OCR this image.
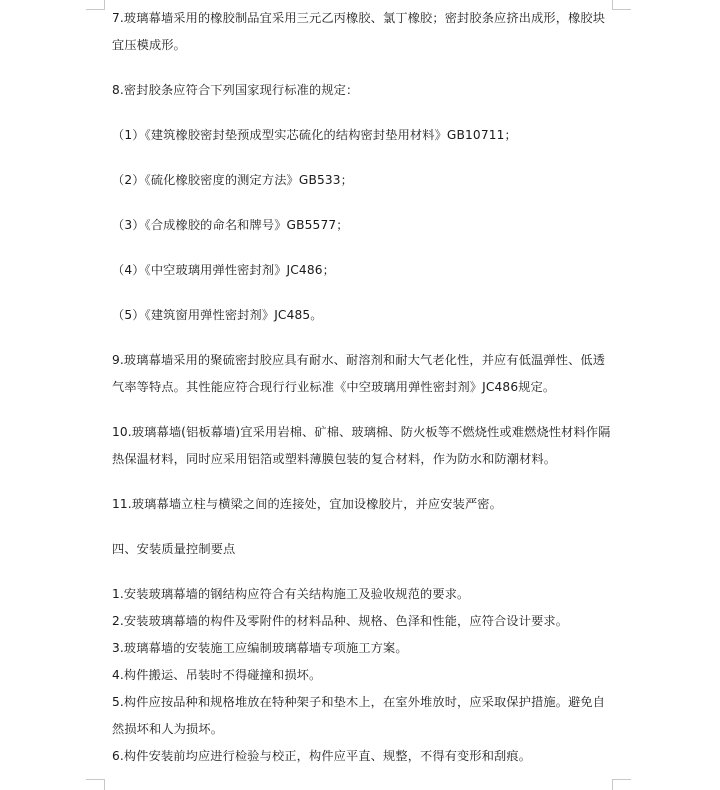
7.玻璃幕墙采用的橡胶制品宜采用三元乙丙橡胶、氯丁橡胶；密封胶条应挤出成形，橡胶块宜压模成形。

8.密封胶条应符合下列国家现行标准的规定：

（1）《建筑橡胶密封垫预成型实芯硫化的结构密封垫用材料》GB10711；

（2）《硫化橡胶密度的测定方法》GB533；

（3）《合成橡胶的命名和牌号》GB5577；

（4）《中空玻璃用弹性密封剂》JC486；

（5）《建筑窗用弹性密封剂》JC485。

9.玻璃幕墙采用的聚硫密封胶应具有耐水、耐溶剂和耐大气老化性，并应有低温弹性、低透气率等特点。其性能应符合现行行业标准《中空玻璃用弹性密封剂》JC486规定。

10.玻璃幕墙(铝板幕墙)宜采用岩棉、矿棉、玻璃棉、防火板等不燃烧性或难燃烧性材料作隔热保温材料，同时应采用铝箔或塑料薄膜包装的复合材料，作为防水和防潮材料。

11.玻璃幕墙立柱与横梁之间的连接处，宜加设橡胶片，并应安装严密。

四、安装质量控制要点

1.安装玻璃幕墙的钢结构应符合有关结构施工及验收规范的要求。

2.安装玻璃幕墙的构件及零附件的材料品种、规格、色泽和性能，应符合设计要求。

3.玻璃幕墙的安装施工应编制玻璃幕墙专项施工方案。

4.构件搬运、吊装时不得碰撞和损坏。

5.构件应按品种和规格堆放在特种架子和垫木上，在室外堆放时，应采取保护措施。避免自然损坏和人为损坏。

6.构件安装前均应进行检验与校正，构件应平直、规整，不得有变形和刮痕。
